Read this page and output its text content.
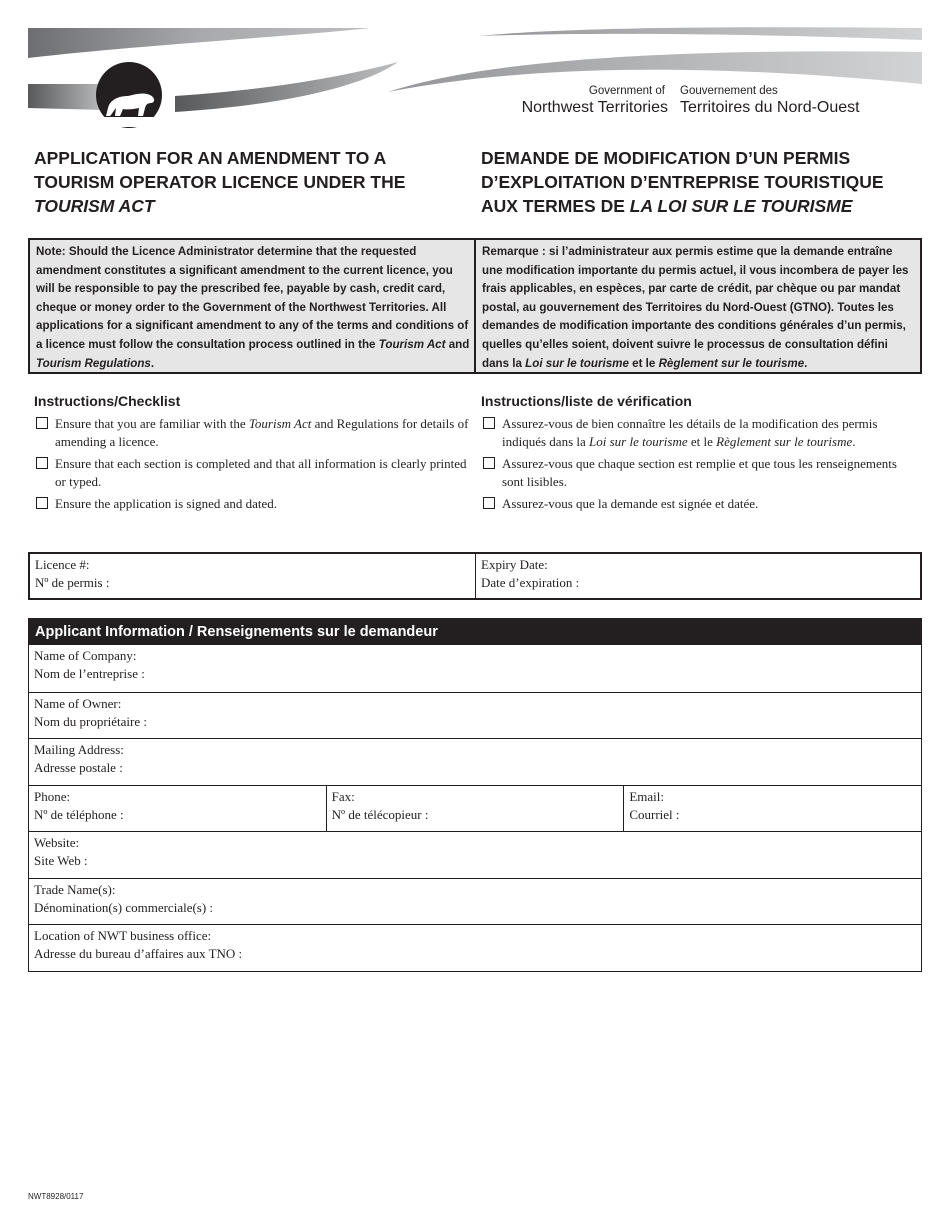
Government of
Northwest Territories
Gouvernement des
Territoires du Nord-Ouest
APPLICATION FOR AN AMENDMENT TO A
TOURISM OPERATOR LICENCE UNDER THE
TOURISM ACT
DEMANDE DE MODIFICATION D’UN PERMIS
D’EXPLOITATION D’ENTREPRISE TOURISTIQUE
AUX TERMES DE LA LOI SUR LE TOURISME
Note: Should the Licence Administrator determine that the requested amendment constitutes a significant amendment to the current licence, you will be responsible to pay the prescribed fee, payable by cash, credit card, cheque or money order to the Government of the Northwest Territories. All applications for a significant amendment to any of the terms and conditions of a licence must follow the consultation process outlined in the Tourism Act and Tourism Regulations.
Remarque : si l’administrateur aux permis estime que la demande entraîne une modification importante du permis actuel, il vous incombera de payer les frais applicables, en espèces, par carte de crédit, par chèque ou par mandat postal, au gouvernement des Territoires du Nord-Ouest (GTNO). Toutes les demandes de modification importante des conditions générales d’un permis, quelles qu’elles soient, doivent suivre le processus de consultation défini dans la Loi sur le tourisme et le Règlement sur le tourisme.
Instructions/Checklist
Ensure that you are familiar with the Tourism Act and Regulations for details of amending a licence.
Ensure that each section is completed and that all information is clearly printed or typed.
Ensure the application is signed and dated.
Instructions/liste de vérification
Assurez-vous de bien connaître les détails de la modification des permis indiqués dans la Loi sur le tourisme et le Règlement sur le tourisme.
Assurez-vous que chaque section est remplie et que tous les renseignements sont lisibles.
Assurez-vous que la demande est signée et datée.
Licence #:
Nº de permis :
Expiry Date:
Date d’expiration :
Applicant Information / Renseignements sur le demandeur
Name of Company:
Nom de l’entreprise :
Name of Owner:
Nom du propriétaire :
Mailing Address:
Adresse postale :
Phone:
Nº de téléphone :
Fax:
Nº de télécopieur :
Email:
Courriel :
Website:
Site Web :
Trade Name(s):
Dénomination(s) commerciale(s) :
Location of NWT business office:
Adresse du bureau d’affaires aux TNO :
NWT8928/0117
